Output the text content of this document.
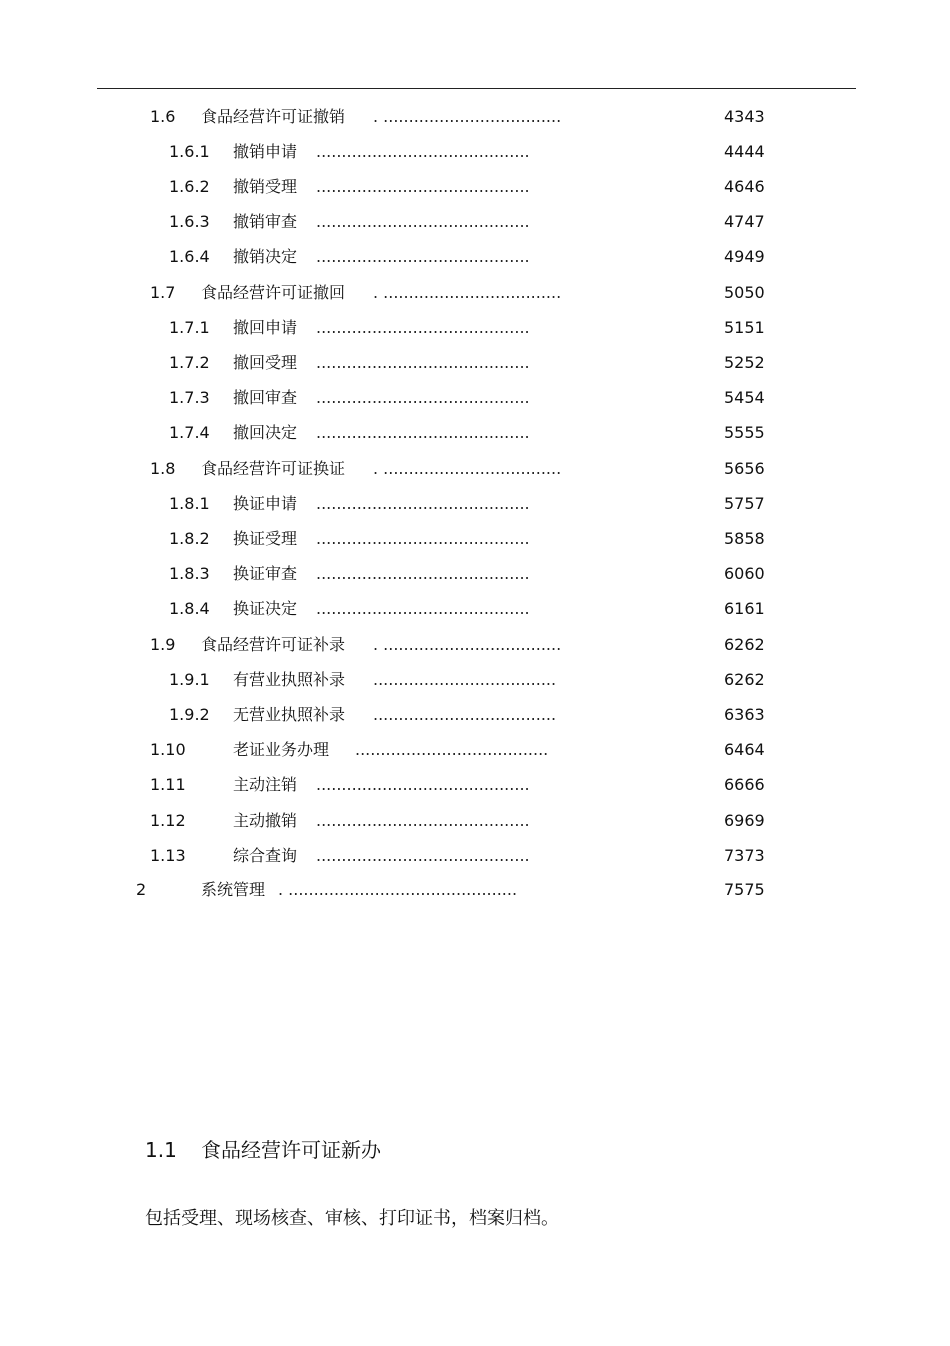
1.6 食品经营许可证撤销 . ...................................	4343
1.6.1 撤销申请 ..........................................	4444
1.6.2 撤销受理 ..........................................	4646
1.6.3 撤销审查 ..........................................	4747
1.6.4 撤销决定 ..........................................	4949
1.7 食品经营许可证撤回 . ...................................	5050
1.7.1 撤回申请 ..........................................	5151
1.7.2 撤回受理 ..........................................	5252
1.7.3 撤回审查 ..........................................	5454
1.7.4 撤回决定 ..........................................	5555
1.8 食品经营许可证换证 . ...................................	5656
1.8.1 换证申请 ..........................................	5757
1.8.2 换证受理 ..........................................	5858
1.8.3 换证审查 ..........................................	6060
1.8.4 换证决定 ..........................................	6161
1.9 食品经营许可证补录 . ...................................	6262
1.9.1 有营业执照补录 ....................................	6262
1.9.2 无营业执照补录 ....................................	6363
1.10	老证业务办理 ......................................	6464
1.11	主动注销 ..........................................	6666
1.12	主动撤销 ..........................................	6969
1.13	综合查询 ..........................................	7373
2	系统管理 . .............................................	7575
1.1 食品经营许可证新办
包括受理、现场核查、审核、打印证书，档案归档。
